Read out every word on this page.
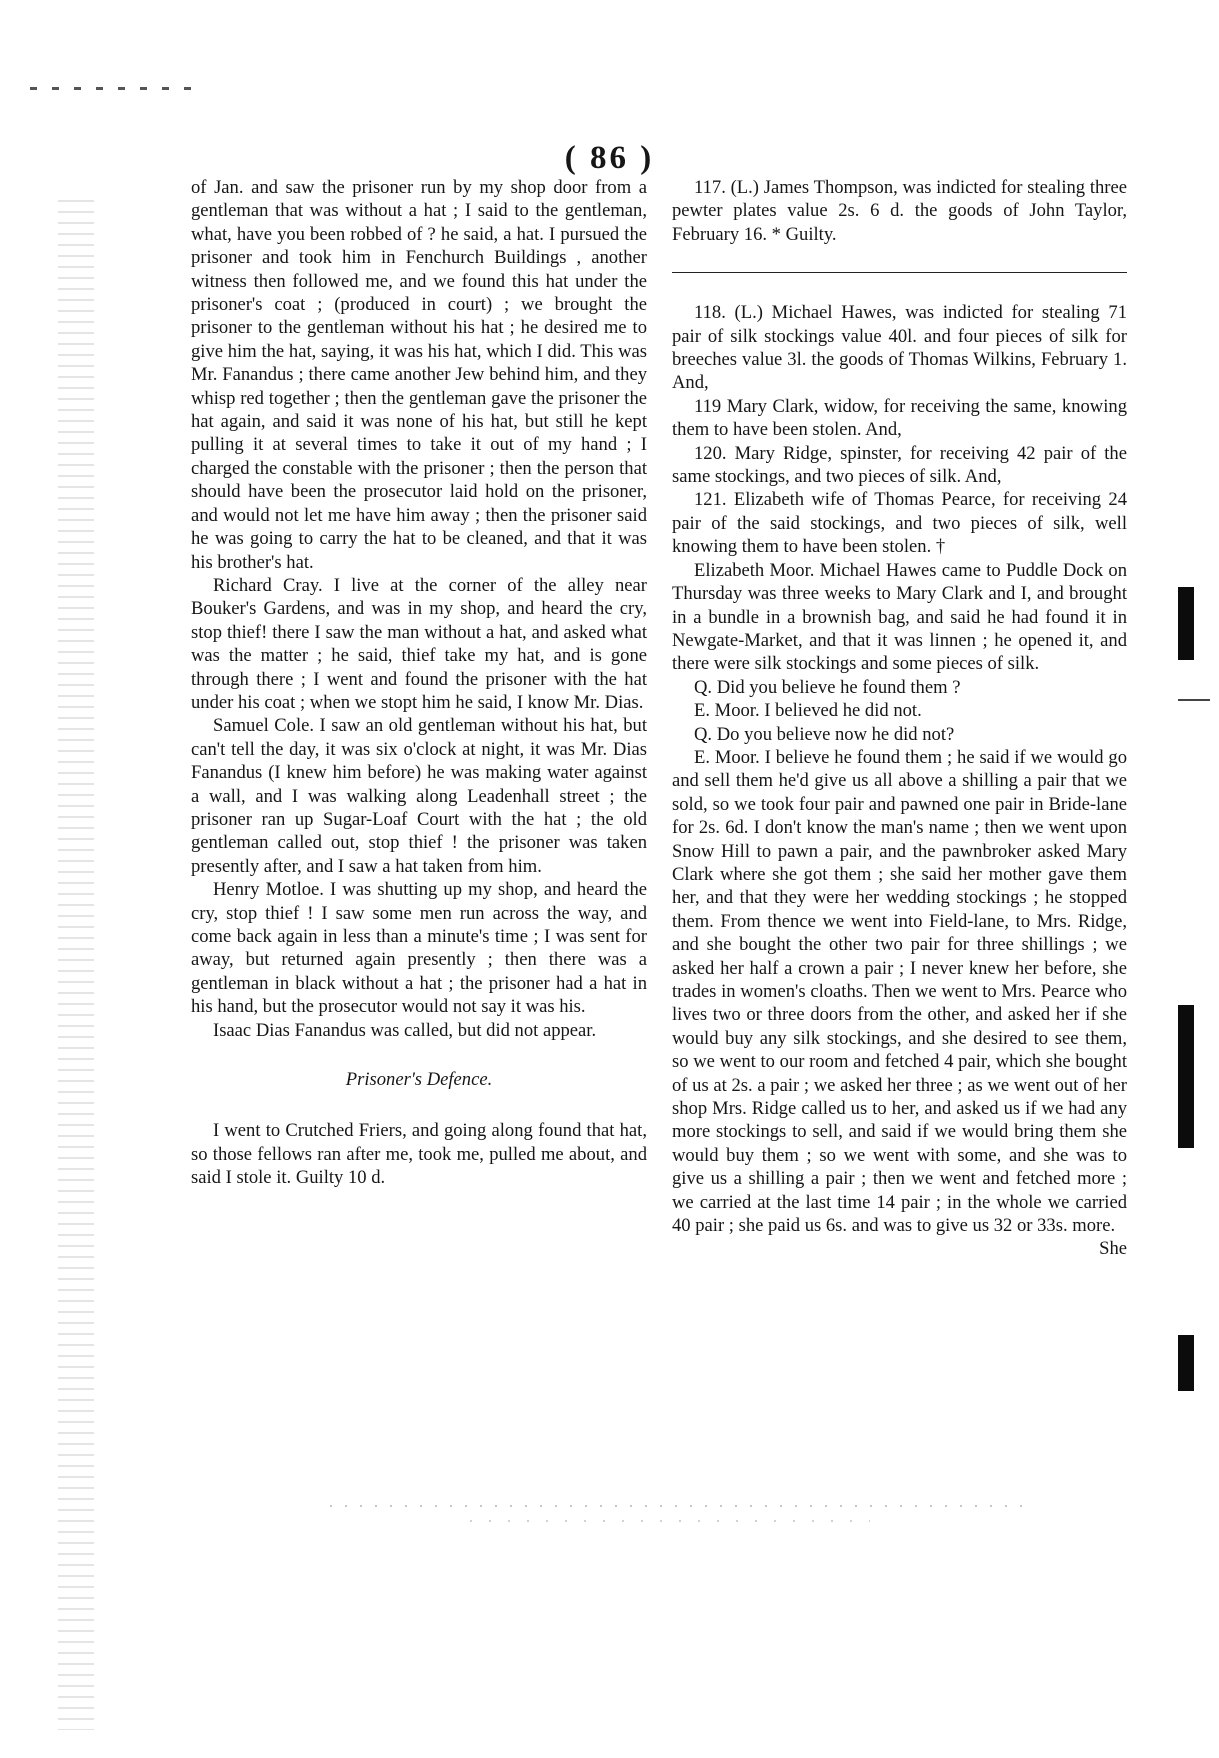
( 86 )

of Jan. and saw the prisoner run by my shop door from a gentleman that was without a hat ; I said to the gentleman, what, have you been robbed of ? he said, a hat. I pursued the prisoner and took him in Fenchurch Buildings , another witness then followed me, and we found this hat under the prisoner's coat ; (produced in court) ; we brought the prisoner to the gentleman without his hat ; he desired me to give him the hat, saying, it was his hat, which I did. This was Mr. Fanandus ; there came another Jew behind him, and they whisp red together ; then the gentleman gave the prisoner the hat again, and said it was none of his hat, but still he kept pulling it at several times to take it out of my hand ; I charged the constable with the prisoner ; then the person that should have been the prosecutor laid hold on the prisoner, and would not let me have him away ; then the prisoner said he was going to carry the hat to be cleaned, and that it was his brother's hat.

Richard Cray. I live at the corner of the alley near Bouker's Gardens, and was in my shop, and heard the cry, stop thief! there I saw the man without a hat, and asked what was the matter ; he said, thief take my hat, and is gone through there ; I went and found the prisoner with the hat under his coat ; when we stopt him he said, I know Mr. Dias.

Samuel Cole. I saw an old gentleman without his hat, but can't tell the day, it was six o'clock at night, it was Mr. Dias Fanandus (I knew him before) he was making water against a wall, and I was walking along Leadenhall street ; the prisoner ran up Sugar-Loaf Court with the hat ; the old gentleman called out, stop thief ! the prisoner was taken presently after, and I saw a hat taken from him.

Henry Motloe. I was shutting up my shop, and heard the cry, stop thief ! I saw some men run across the way, and come back again in less than a minute's time ; I was sent for away, but returned again presently ; then there was a gentleman in black without a hat ; the prisoner had a hat in his hand, but the prosecutor would not say it was his.

Isaac Dias Fanandus was called, but did not appear.

Prisoner's Defence.

I went to Crutched Friers, and going along found that hat, so those fellows ran after me, took me, pulled me about, and said I stole it. Guilty 10 d.

117. (L.) James Thompson, was indicted for stealing three pewter plates value 2s. 6 d. the goods of John Taylor, February 16. * Guilty.

118. (L.) Michael Hawes, was indicted for stealing 71 pair of silk stockings value 40l. and four pieces of silk for breeches value 3l. the goods of Thomas Wilkins, February 1. And,

119 Mary Clark, widow, for receiving the same, knowing them to have been stolen. And,

120. Mary Ridge, spinster, for receiving 42 pair of the same stockings, and two pieces of silk. And,

121. Elizabeth wife of Thomas Pearce, for receiving 24 pair of the said stockings, and two pieces of silk, well knowing them to have been stolen. †

Elizabeth Moor. Michael Hawes came to Puddle Dock on Thursday was three weeks to Mary Clark and I, and brought in a bundle in a brownish bag, and said he had found it in Newgate-Market, and that it was linnen ; he opened it, and there were silk stockings and some pieces of silk.

Q. Did you believe he found them ?

E. Moor. I believed he did not.

Q. Do you believe now he did not?

E. Moor. I believe he found them ; he said if we would go and sell them he'd give us all above a shilling a pair that we sold, so we took four pair and pawned one pair in Bride-lane for 2s. 6d. I don't know the man's name ; then we went upon Snow Hill to pawn a pair, and the pawnbroker asked Mary Clark where she got them ; she said her mother gave them her, and that they were her wedding stockings ; he stopped them. From thence we went into Field-lane, to Mrs. Ridge, and she bought the other two pair for three shillings ; we asked her half a crown a pair ; I never knew her before, she trades in women's cloaths. Then we went to Mrs. Pearce who lives two or three doors from the other, and asked her if she would buy any silk stockings, and she desired to see them, so we went to our room and fetched 4 pair, which she bought of us at 2s. a pair ; we asked her three ; as we went out of her shop Mrs. Ridge called us to her, and asked us if we had any more stockings to sell, and said if we would bring them she would buy them ; so we went with some, and she was to give us a shilling a pair ; then we went and fetched more ; we carried at the last time 14 pair ; in the whole we carried 40 pair ; she paid us 6s. and was to give us 32 or 33s. more.

She
